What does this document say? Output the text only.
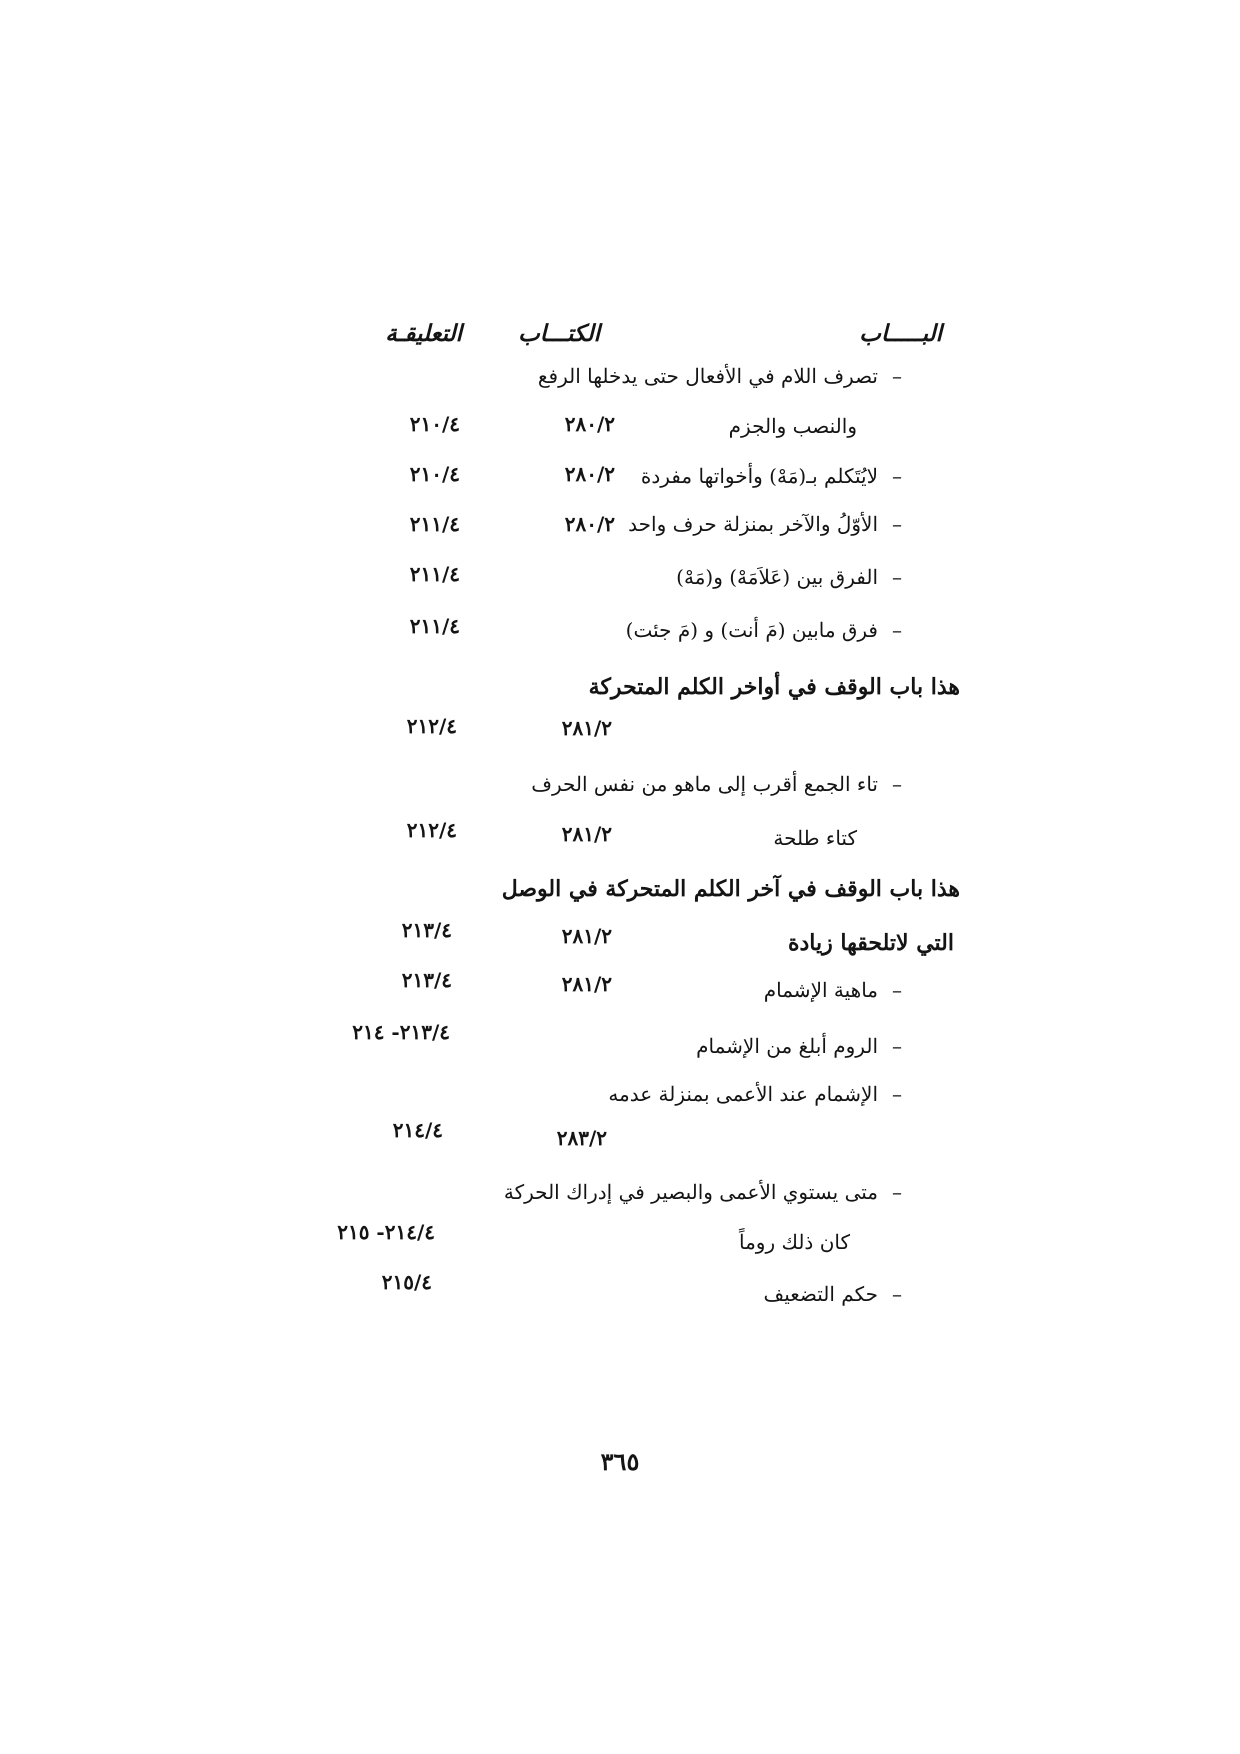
البـــــاب
الكتـــاب
التعليقـة
–تصرف اللام في الأفعال حتى يدخلها الرفع
والنصب والجزم
٢٨٠/٢
٢١٠/٤
–لايُتَكلم بـ(مَهْ) وأخواتها مفردة
٢٨٠/٢
٢١٠/٤
–الأوّلُ والآخر بمنزلة حرف واحد
٢٨٠/٢
٢١١/٤
–الفرق بين (عَلاَمَهْ) و(مَهْ)
٢١١/٤
–فرق مابين (مَ أنت) و (مَ جئت)
٢١١/٤
هذا باب الوقف في أواخر الكلم المتحركة
٢٨١/٢
٢١٢/٤
–تاء الجمع أقرب إلى ماهو من نفس الحرف
كتاء طلحة
٢٨١/٢
٢١٢/٤
هذا باب الوقف في آخر الكلم المتحركة في الوصل
التي لاتلحقها زيادة
٢٨١/٢
٢١٣/٤
–ماهية الإشمام
٢٨١/٢
٢١٣/٤
–الروم أبلغ من الإشمام
٢١٣/٤- ٢١٤
–الإشمام عند الأعمى بمنزلة عدمه
٢٨٣/٢
٢١٤/٤
–متى يستوي الأعمى والبصير في إدراك الحركة
كان ذلك روماً
٢١٤/٤- ٢١٥
–حكم التضعيف
٢١٥/٤
٣٦٥
